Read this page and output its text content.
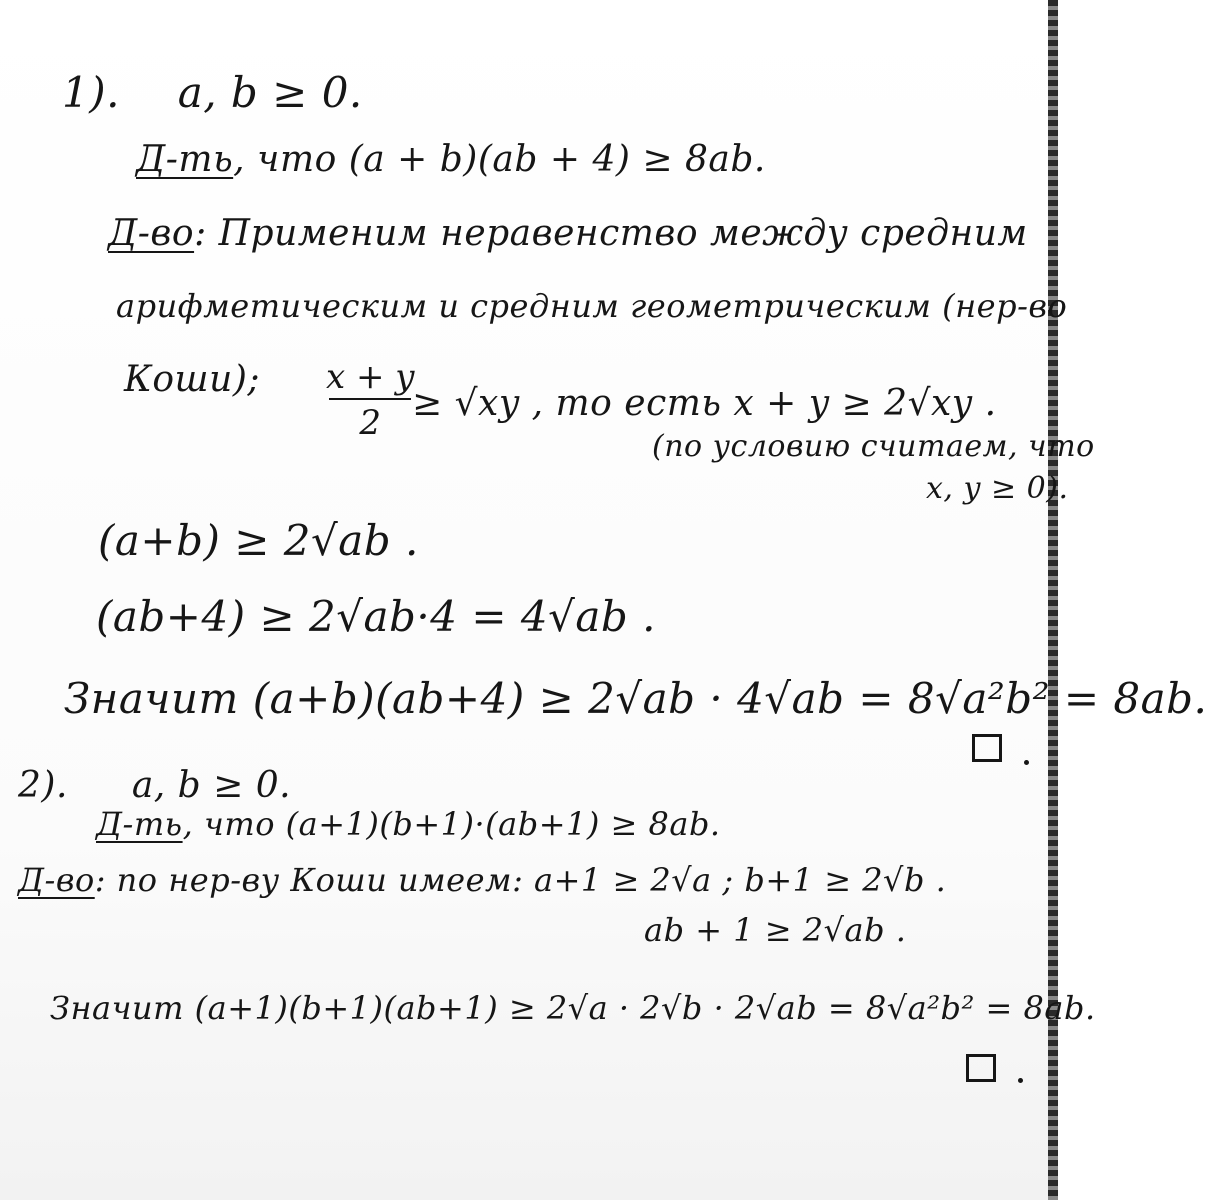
1). a, b ≥ 0.
Д-ть, что (a + b)(ab + 4) ≥ 8ab.
Д-во: Применим неравенство между средним
арифметическим и средним геометрическим (нер-во
Коши); x + y
2 ≥ √xy , то есть x + y ≥ 2√xy .
(по условию считаем, что
x, y ≥ 0).
(a+b) ≥ 2√ab .
(ab+4) ≥ 2√ab·4 = 4√ab .
Значит (a+b)(ab+4) ≥ 2√ab · 4√ab = 8√a²b² = 8ab.
2). a, b ≥ 0.
Д-ть, что (a+1)(b+1)·(ab+1) ≥ 8ab.
Д-во: по нер-ву Коши имеем: a+1 ≥ 2√a ; b+1 ≥ 2√b .
ab + 1 ≥ 2√ab .
Значит (a+1)(b+1)(ab+1) ≥ 2√a · 2√b · 2√ab = 8√a²b² = 8ab.
